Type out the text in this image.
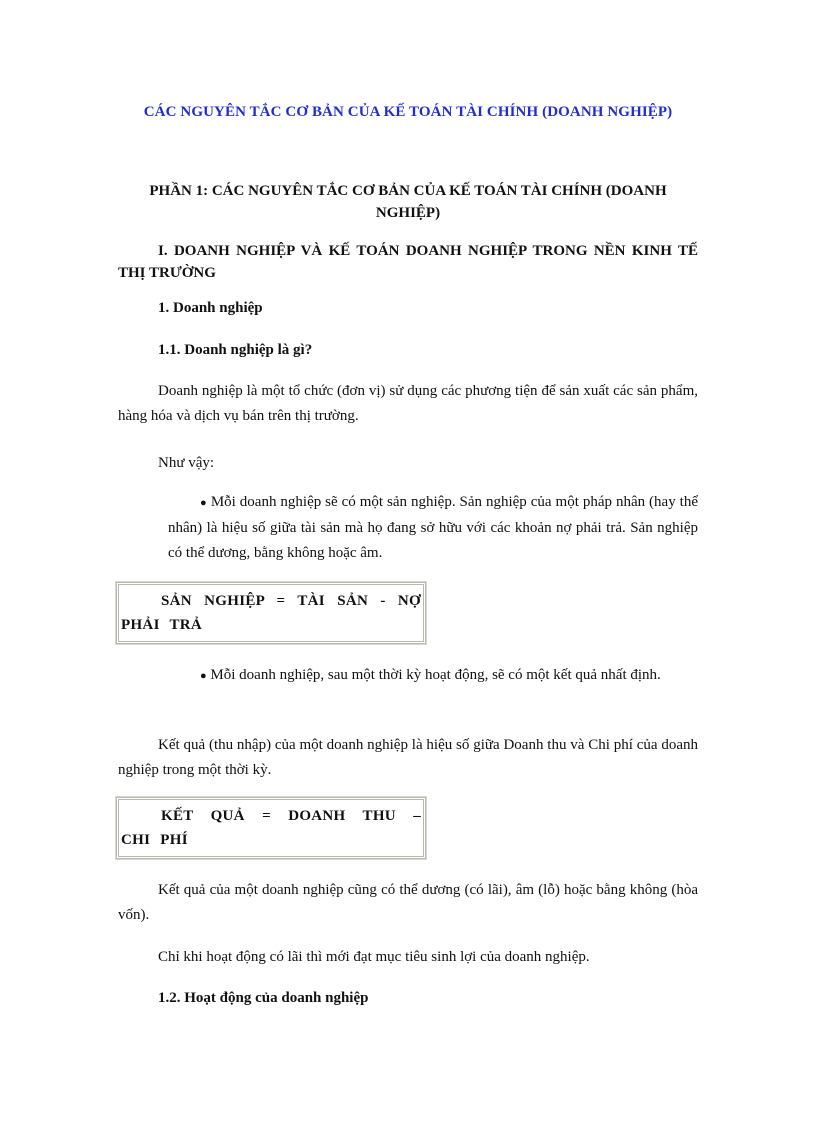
CÁC NGUYÊN TẮC CƠ BẢN CỦA KẾ TOÁN TÀI CHÍNH (DOANH NGHIỆP)
PHẦN 1: CÁC NGUYÊN TẮC CƠ BẢN CỦA KẾ TOÁN TÀI CHÍNH (DOANH NGHIỆP)
I. DOANH NGHIỆP VÀ KẾ TOÁN DOANH NGHIỆP TRONG NỀN KINH TẾ THỊ TRƯỜNG
1. Doanh nghiệp
1.1. Doanh nghiệp là gì?
Doanh nghiệp là một tổ chức (đơn vị) sử dụng các phương tiện để sản xuất các sản phẩm, hàng hóa và dịch vụ bán trên thị trường.
Như vậy:
● Mỗi doanh nghiệp sẽ có một sản nghiệp. Sản nghiệp của một pháp nhân (hay thể nhân) là hiệu số giữa tài sản mà họ đang sở hữu với các khoản nợ phải trả. Sản nghiệp có thể dương, bằng không hoặc âm.
SẢN NGHIỆP = TÀI SẢN - NỢ PHẢI TRẢ
● Mỗi doanh nghiệp, sau một thời kỳ hoạt động, sẽ có một kết quả nhất định.
Kết quả (thu nhập) của một doanh nghiệp là hiệu số giữa Doanh thu và Chi phí của doanh nghiệp trong một thời kỳ.
KẾT QUẢ = DOANH THU – CHI PHÍ
Kết quả của một doanh nghiệp cũng có thể dương (có lãi), âm (lỗ) hoặc bằng không (hòa vốn).
Chỉ khi hoạt động có lãi thì mới đạt mục tiêu sinh lợi của doanh nghiệp.
1.2. Hoạt động của doanh nghiệp
